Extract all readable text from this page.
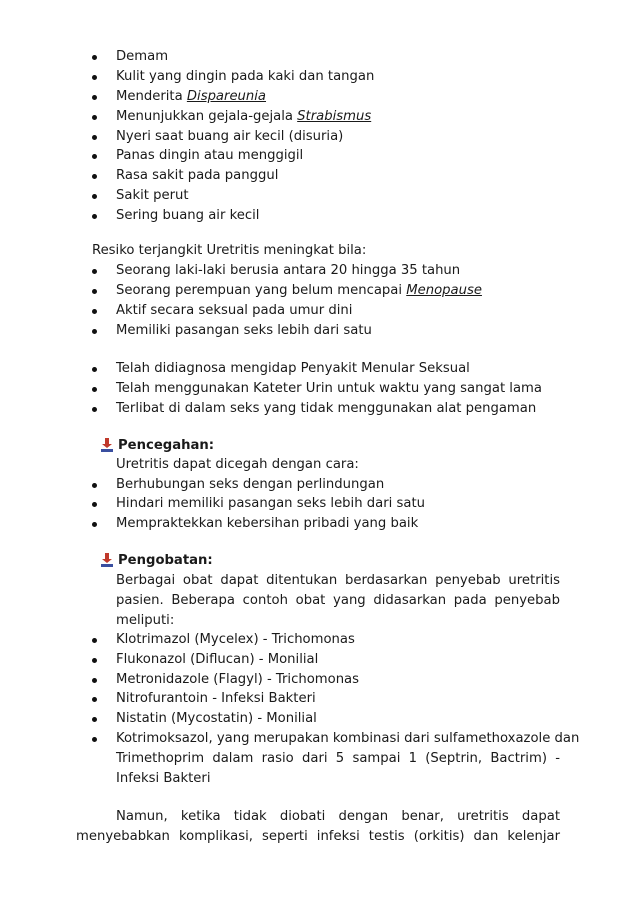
Demam
Kulit yang dingin pada kaki dan tangan
Menderita Dispareunia
Menunjukkan gejala-gejala Strabismus
Nyeri saat buang air kecil (disuria)
Panas dingin atau menggigil
Rasa sakit pada panggul
Sakit perut
Sering buang air kecil
Resiko terjangkit Uretritis meningkat bila:
Seorang laki-laki berusia antara 20 hingga 35 tahun
Seorang perempuan yang belum mencapai Menopause
Aktif secara seksual pada umur dini
Memiliki pasangan seks lebih dari satu
Telah didiagnosa mengidap Penyakit Menular Seksual
Telah menggunakan Kateter Urin untuk waktu yang sangat lama
Terlibat di dalam seks yang tidak menggunakan alat pengaman
Pencegahan:
Uretritis dapat dicegah dengan cara:
Berhubungan seks dengan perlindungan
Hindari memiliki pasangan seks lebih dari satu
Mempraktekkan kebersihan pribadi yang baik
Pengobatan:
Berbagai obat dapat ditentukan berdasarkan penyebab uretritis
pasien. Beberapa contoh obat yang didasarkan pada penyebab
meliputi:
Klotrimazol (Mycelex) - Trichomonas
Flukonazol (Diflucan) - Monilial
Metronidazole (Flagyl) - Trichomonas
Nitrofurantoin - Infeksi Bakteri
Nistatin (Mycostatin) - Monilial
Kotrimoksazol, yang merupakan kombinasi dari sulfamethoxazole dan
Trimethoprim dalam rasio dari 5 sampai 1 (Septrin, Bactrim) -
Infeksi Bakteri
Namun, ketika tidak diobati dengan benar, uretritis dapat
menyebabkan komplikasi, seperti infeksi testis (orkitis) dan kelenjar
